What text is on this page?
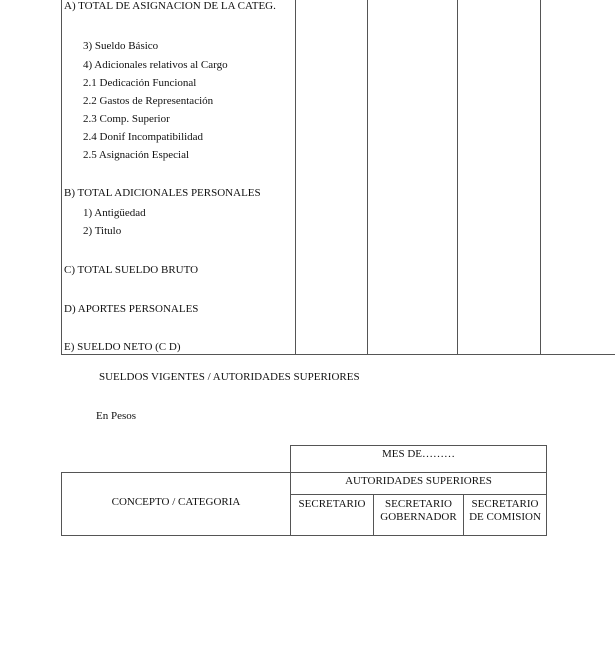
A) TOTAL DE ASIGNACION DE LA CATEG.
3) Sueldo Básico
4) Adicionales relativos al Cargo
2.1 Dedicación Funcional
2.2 Gastos de Representación
2.3 Comp. Superior
2.4 Donif Incompatibilidad
2.5 Asignación Especial
B) TOTAL ADICIONALES PERSONALES
1) Antigüedad
2) Titulo
C) TOTAL SUELDO BRUTO
D) APORTES PERSONALES
E) SUELDO NETO (C D)
SUELDOS VIGENTES / AUTORIDADES SUPERIORES
En Pesos
MES DE………
AUTORIDADES SUPERIORES
CONCEPTO / CATEGORIA	SECRETARIO	SECRETARIO
GOBERNADOR
SECRETARIO
DE COMISION
